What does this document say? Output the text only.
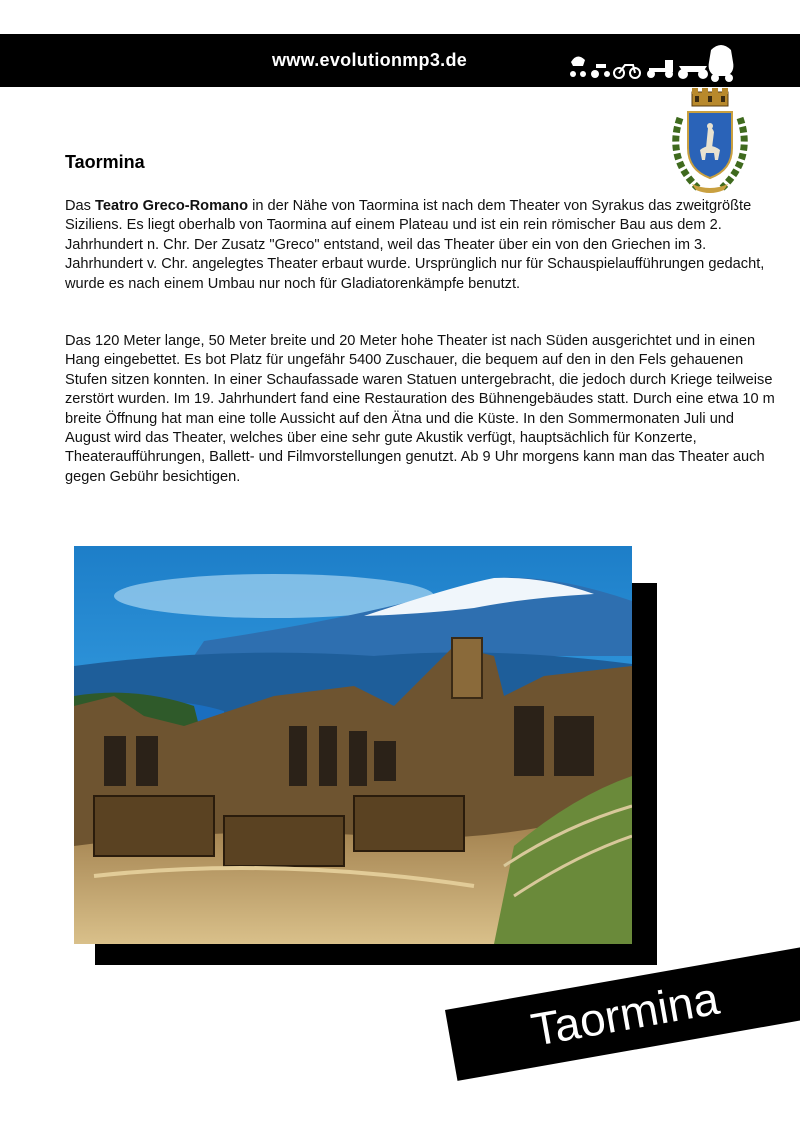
www.evolutionmp3.de
Taormina

Das Teatro Greco-Romano in der Nähe von Taormina ist nach dem Theater von Syrakus das zweitgrößte Siziliens. Es liegt oberhalb von Taormina auf einem Plateau und ist ein rein römischer Bau aus dem 2. Jahrhundert n. Chr. Der Zusatz "Greco" entstand, weil das Theater über ein von den Griechen im 3. Jahrhundert v. Chr. angelegtes Theater erbaut wurde. Ursprünglich nur für Schauspielaufführungen gedacht, wurde es nach einem Umbau nur noch für Gladiatorenkämpfe benutzt.

Das 120 Meter lange, 50 Meter breite und 20 Meter hohe Theater ist nach Süden ausgerichtet und in einen Hang eingebettet. Es bot Platz für ungefähr 5400 Zuschauer, die bequem auf den in den Fels gehauenen Stufen sitzen konnten. In einer Schaufassade waren Statuen untergebracht, die jedoch durch Kriege teilweise zerstört wurden. Im 19. Jahrhundert fand eine Restauration des Bühnengebäudes statt. Durch eine etwa 10 m breite Öffnung hat man eine tolle Aussicht auf den Ätna und die Küste. In den Sommermonaten Juli und August wird das Theater, welches über eine sehr gute Akustik verfügt, hauptsächlich für Konzerte, Theateraufführungen, Ballett- und Filmvorstellungen genutzt. Ab 9 Uhr morgens kann man das Theater auch gegen Gebühr besichtigen.

Taormina
